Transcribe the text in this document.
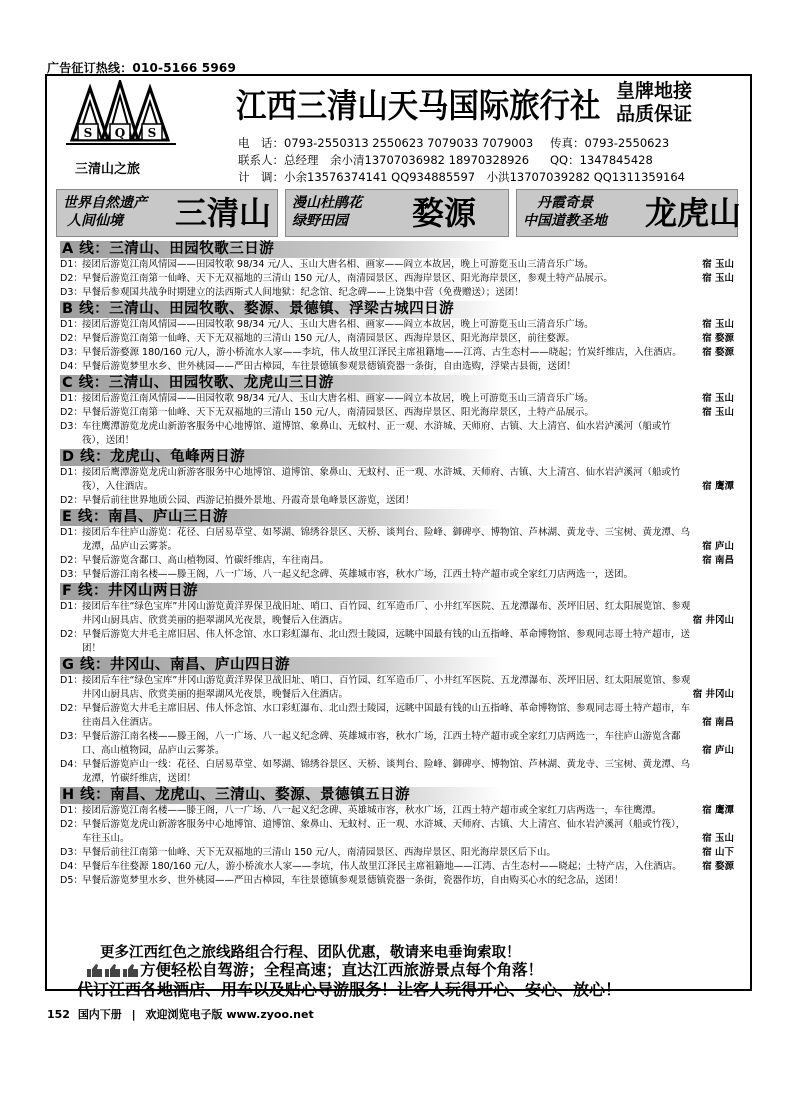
广告征订热线：010-5166 5969
S Q S
三清山之旅
江西三清山天马国际旅行社 皇牌地接
品质保证
电　话：0793-2550313 2550623 7079033 7079003 传真：0793-2550623
联系人：总经理　余小清13707036982 18970328926 QQ：1347845428
计　调：小余13576374141 QQ934885597　小洪13707039282 QQ1311359164
世界自然遗产
人间仙境	三清山 漫山杜鹃花
绿野田园	婺源	丹霞奇景
中国道教圣地 龙虎山
A 线：三清山、田园牧歌三日游
D1： 接团后游览江南风情园——田园牧歌 98/34 元/人、玉山大唐名相、画家——阎立本故居，晚上可游览玉山三清音乐广场。	宿 玉山
D2： 早餐后游览江南第一仙峰、天下无双福地的三清山 150 元/人，南清园景区、西海岸景区、阳光海岸景区，参观土特产品展示。	宿 玉山
D3： 早餐后参观国共战争时期建立的法西斯式人间地狱：纪念馆、纪念碑——上饶集中营（免费赠送）；送团！
B 线：三清山、田园牧歌、婺源、景德镇、浮梁古城四日游
D1： 接团后游览江南风情园——田园牧歌 98/34 元/人、玉山大唐名相、画家——阎立本故居，晚上可游览玉山三清音乐广场。	宿 玉山
D2： 早餐后游览江南第一仙峰、天下无双福地的三清山 150 元/人，南清园景区、西海岸景区、阳光海岸景区，前往婺源。	宿 婺源
D3： 早餐后游婺源 180/160 元/人，游小桥流水人家——李坑，伟人故里江泽民主席祖籍地——江湾、古生态村——晓起；竹炭纤维店，入住酒店。	宿 婺源
D4： 早餐后游览梦里水乡、世外桃园——严田古樟园，车往景德镇参观景德镇瓷器一条街，自由选购，浮梁古县衙，送团！
C 线：三清山、田园牧歌、龙虎山三日游
D1： 接团后游览江南风情园——田园牧歌 98/34 元/人、玉山大唐名相、画家——阎立本故居，晚上可游览玉山三清音乐广场。	宿 玉山
D2： 早餐后游览江南第一仙峰、天下无双福地的三清山 150 元/人，南清园景区、西海岸景区、阳光海岸景区，土特产品展示。	宿 玉山
D3： 车往鹰潭游览龙虎山新游客服务中心地博馆、道博馆、象鼻山、无蚊村、正一观、水浒城、天师府、古镇、大上清宫、仙水岩泸溪河（船或竹筏），送团！
D 线：龙虎山、龟峰两日游
D1： 接团后鹰潭游览龙虎山新游客服务中心地博馆、道博馆、象鼻山、无蚊村、正一观、水浒城、天师府、古镇、大上清宫、仙水岩泸溪河（船或竹筏），入住酒店。	宿 鹰潭
D2： 早餐后前往世界地质公园、西游记拍摄外景地、丹霞奇景龟峰景区游览，送团！
E 线：南昌、庐山三日游
D1： 接团后车往庐山游览：花径、白居易草堂、如琴湖、锦绣谷景区、天桥、谈判台、险峰、御碑亭、博物馆、芦林湖、黄龙寺、三宝树、黄龙潭、乌龙潭，品庐山云雾茶。	宿 庐山
D2： 早餐后游览含鄱口、高山植物园、竹碳纤维店，车往南昌。	宿 南昌
D3： 早餐后游江南名楼——滕王阁，八一广场、八一起义纪念碑、英雄城市容，秋水广场，江西土特产超市或全家红刀店两选一，送团。
F 线：井冈山两日游
D1： 接团后车往“绿色宝库”井冈山游览黄洋界保卫战旧址、哨口、百竹园、红军造币厂、小井红军医院、五龙潭瀑布、茨坪旧居、红太阳展览馆、参观井冈山厨具店、欣赏美丽的挹翠湖风光夜景，晚餐后入住酒店。	宿 井冈山
D2： 早餐后游览大井毛主席旧居、伟人怀念馆、水口彩虹瀑布、北山烈士陵园，远眺中国最有钱的山五指峰、革命博物馆、参观同志哥土特产超市，送团！
G 线：井冈山、南昌、庐山四日游
D1： 接团后车往“绿色宝库”井冈山游览黄洋界保卫战旧址、哨口、百竹园、红军造币厂、小井红军医院、五龙潭瀑布、茨坪旧居、红太阳展览馆、参观井冈山厨具店、欣赏美丽的挹翠湖风光夜景，晚餐后入住酒店。	宿 井冈山
D2： 早餐后游览大井毛主席旧居、伟人怀念馆、水口彩虹瀑布、北山烈士陵园，远眺中国最有钱的山五指峰、革命博物馆、参观同志哥土特产超市，车往南昌入住酒店。	宿 南昌
D3： 早餐后游江南名楼——滕王阁，八一广场、八一起义纪念碑、英雄城市容，秋水广场，江西土特产超市或全家红刀店两选一，车往庐山游览含鄱口、高山植物园，品庐山云雾茶。	宿 庐山
D4： 早餐后游览庐山一线：花径、白居易草堂、如琴湖、锦绣谷景区、天桥、谈判台、险峰、御碑亭、博物馆、芦林湖、黄龙寺、三宝树、黄龙潭、乌龙潭，竹碳纤维店，送团！
H 线：南昌、龙虎山、三清山、婺源、景德镇五日游
D1： 接团后游览江南名楼——滕王阁，八一广场、八一起义纪念碑、英雄城市容，秋水广场，江西土特产超市或全家红刀店两选一，车往鹰潭。	宿 鹰潭
D2： 早餐后游览龙虎山新游客服务中心地博馆、道博馆、象鼻山、无蚊村、正一观、水浒城、天师府、古镇、大上清宫、仙水岩泸溪河（船或竹筏），车往玉山。	宿 玉山
D3： 早餐后前往江南第一仙峰、天下无双福地的三清山 150 元/人，南清园景区、西海岸景区、阳光海岸景区后下山。	宿 山下
D4： 早餐后车往婺源 180/160 元/人，游小桥流水人家——李坑，伟人故里江泽民主席祖籍地——江湾、古生态村——晓起；土特产店，入住酒店。	宿 婺源
D5： 早餐后游览梦里水乡、世外桃园——严田古樟园，车往景德镇参观景德镇瓷器一条街，瓷器作坊，自由购买心水的纪念品，送团！
更多江西红色之旅线路组合行程、团队优惠，敬请来电垂询索取！
方便轻松自驾游；全程高速；直达江西旅游景点每个角落！
代订江西各地酒店、用车以及贴心导游服务！让客人玩得开心、安心、放心！
152 国内下册 | 欢迎浏览电子版 www.zyoo.net
